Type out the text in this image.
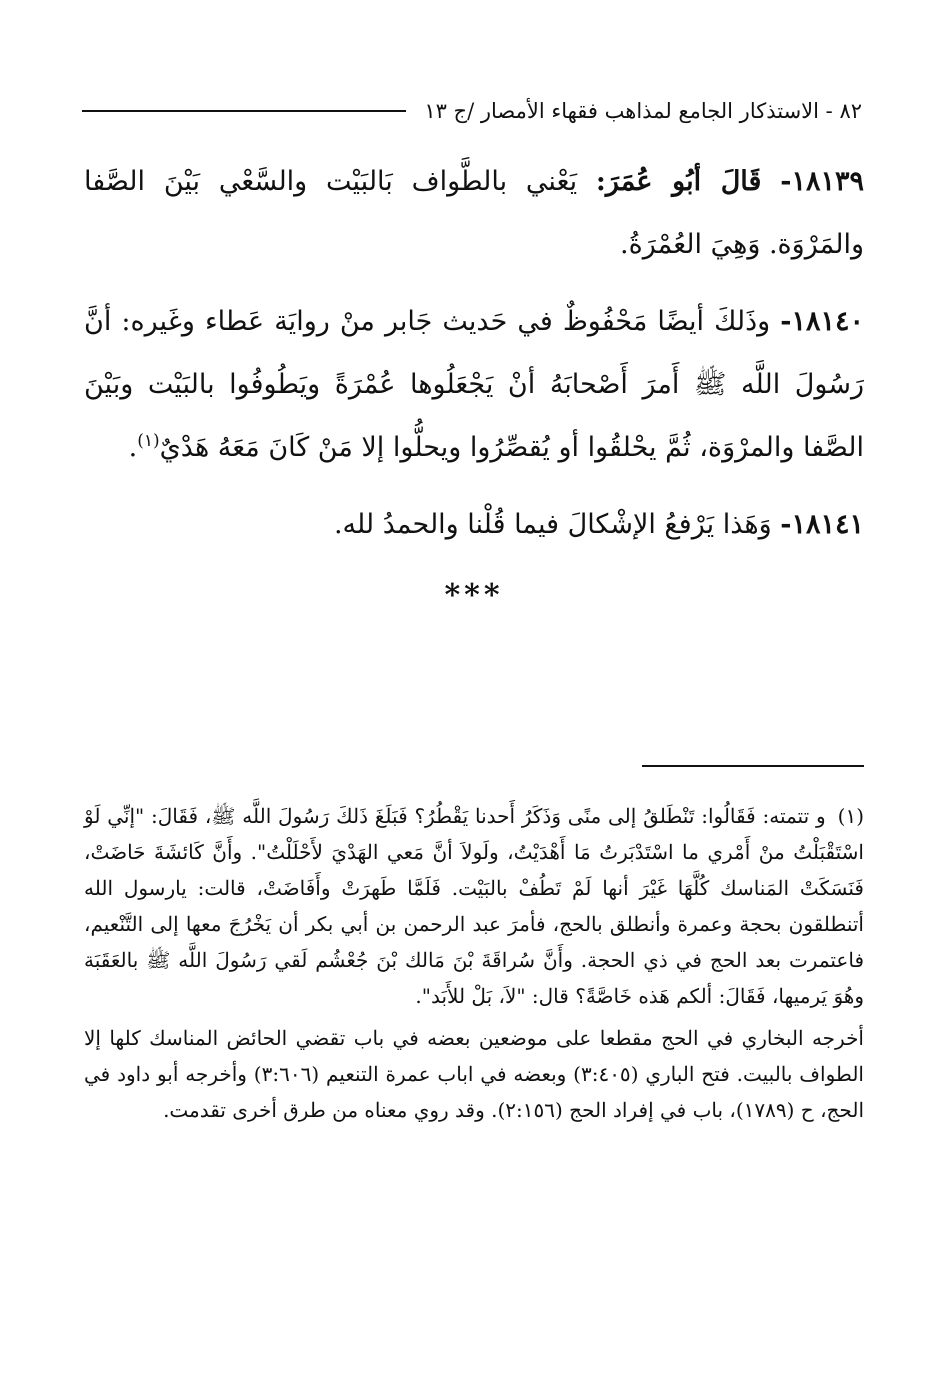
٨٢ - الاستذكار الجامع لمذاهب فقهاء الأمصار /ج ١٣

١٨١٣٩- قَالَ أبُو عُمَرَ: يَعْني بالطَّواف بَالبَيْت والسَّعْي بَيْنَ الصَّفا والمَرْوَة. وَهِيَ العُمْرَةُ.

١٨١٤٠- وذَلكَ أيضًا مَحْفُوظٌ في حَديث جَابر منْ روايَة عَطاء وغَيره: أنَّ رَسُولَ اللَّه ﷺ أَمرَ أَصْحابَهُ أنْ يَجْعَلُوها عُمْرَةً ويَطُوفُوا بالبَيْت وبَيْنَ الصَّفا والمرْوَة، ثُمَّ يحْلقُوا أو يُقصِّرُوا ويحلُّوا إلا مَنْ كَانَ مَعَهُ هَدْيٌ$^{(١)}$.

١٨١٤١- وَهَذا يَرْفعُ الإشْكالَ فيما قُلْنا والحمدُ لله.

***

(١)و تتمته: فَقَالُوا: تَنْطَلقُ إلى منًى وَذَكَرُ أَحدنا يَقْطُرُ؟ فَبَلَغَ ذَلكَ رَسُولَ اللَّه ﷺ، فَقَالَ: "إنِّي لَوْ اسْتَقْبَلْتُ منْ أَمْري ما اسْتَدْبَرتُ مَا أَهْدَيْتُ، ولَولاَ أنَّ مَعي الهَدْيَ لأَحْلَلْتُ". وأَنَّ كَائشَةَ حَاضَتْ، فَنَسَكَتْ المَناسك كُلَّهَا غَيْرَ أنها لَمْ تَطُفْ بالبَيْت. فَلَمَّا طَهرَتْ وأَفَاضَتْ، قالت: يارسول الله أتنطلقون بحجة وعمرة وأنطلق بالحج، فأمرَ عبد الرحمن بن أبي بكر أن يَخْرُجَ معها إلى التَّنْعيم، فاعتمرت بعد الحج في ذي الحجة. وأَنَّ سُراقَةَ بْنَ مَالك بْنَ جُعْشُم لَقي رَسُولَ اللَّه ﷺ بالعَقَبَة وهُوَ يَرميها، فَقَالَ: ألكم هَذه خَاصَّةً؟ قال: "لاَ، بَلْ للأَبَد".

أخرجه البخاري في الحج مقطعا على موضعين بعضه في باب تقضي الحائض المناسك كلها إلا الطواف بالبيت. فتح الباري (٣:٤٠٥) وبعضه في اباب عمرة التنعيم (٣:٦٠٦) وأخرجه أبو داود في الحج، ح (١٧٨٩)، باب في إفراد الحج (٢:١٥٦). وقد روي معناه من طرق أخرى تقدمت.
